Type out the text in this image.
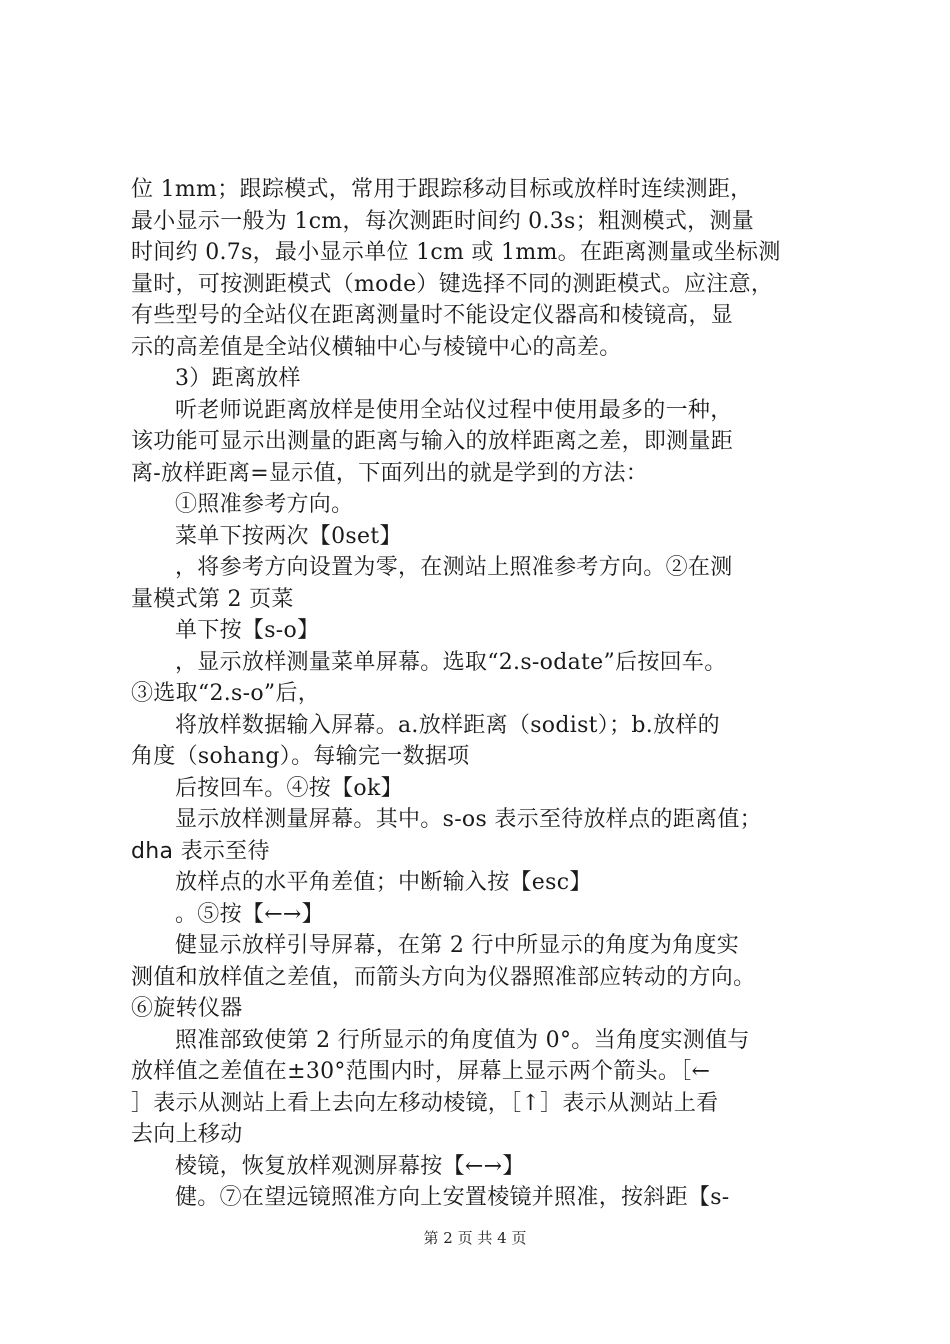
位 1mm；跟踪模式，常用于跟踪移动目标或放样时连续测距，
最小显示一般为 1cm，每次测距时间约 0.3s；粗测模式，测量
时间约 0.7s，最小显示单位 1cm 或 1mm。在距离测量或坐标测
量时，可按测距模式（mode）键选择不同的测距模式。应注意，
有些型号的全站仪在距离测量时不能设定仪器高和棱镜高，显
示的高差值是全站仪横轴中心与棱镜中心的高差。
3）距离放样
听老师说距离放样是使用全站仪过程中使用最多的一种，
该功能可显示出测量的距离与输入的放样距离之差，即测量距
离-放样距离=显示值，下面列出的就是学到的方法：
①照准参考方向。
菜单下按两次【0set】
，将参考方向设置为零，在测站上照准参考方向。②在测
量模式第 2 页菜
单下按【s-o】
，显示放样测量菜单屏幕。选取“2.s-odate”后按回车。
③选取“2.s-o”后，
将放样数据输入屏幕。a.放样距离（sodist）；b.放样的
角度（sohang）。每输完一数据项
后按回车。④按【ok】
显示放样测量屏幕。其中。s-os 表示至待放样点的距离值；
dha 表示至待
放样点的水平角差值；中断输入按【esc】
。⑤按【←→】
健显示放样引导屏幕，在第 2 行中所显示的角度为角度实
测值和放样值之差值，而箭头方向为仪器照准部应转动的方向。
⑥旋转仪器
照准部致使第 2 行所显示的角度值为 0°。当角度实测值与
放样值之差值在±30°范围内时，屏幕上显示两个箭头。［←
］表示从测站上看上去向左移动棱镜，［↑］表示从测站上看
去向上移动
棱镜，恢复放样观测屏幕按【←→】
健。⑦在望远镜照准方向上安置棱镜并照准，按斜距【s-
第 2 页 共 4 页
